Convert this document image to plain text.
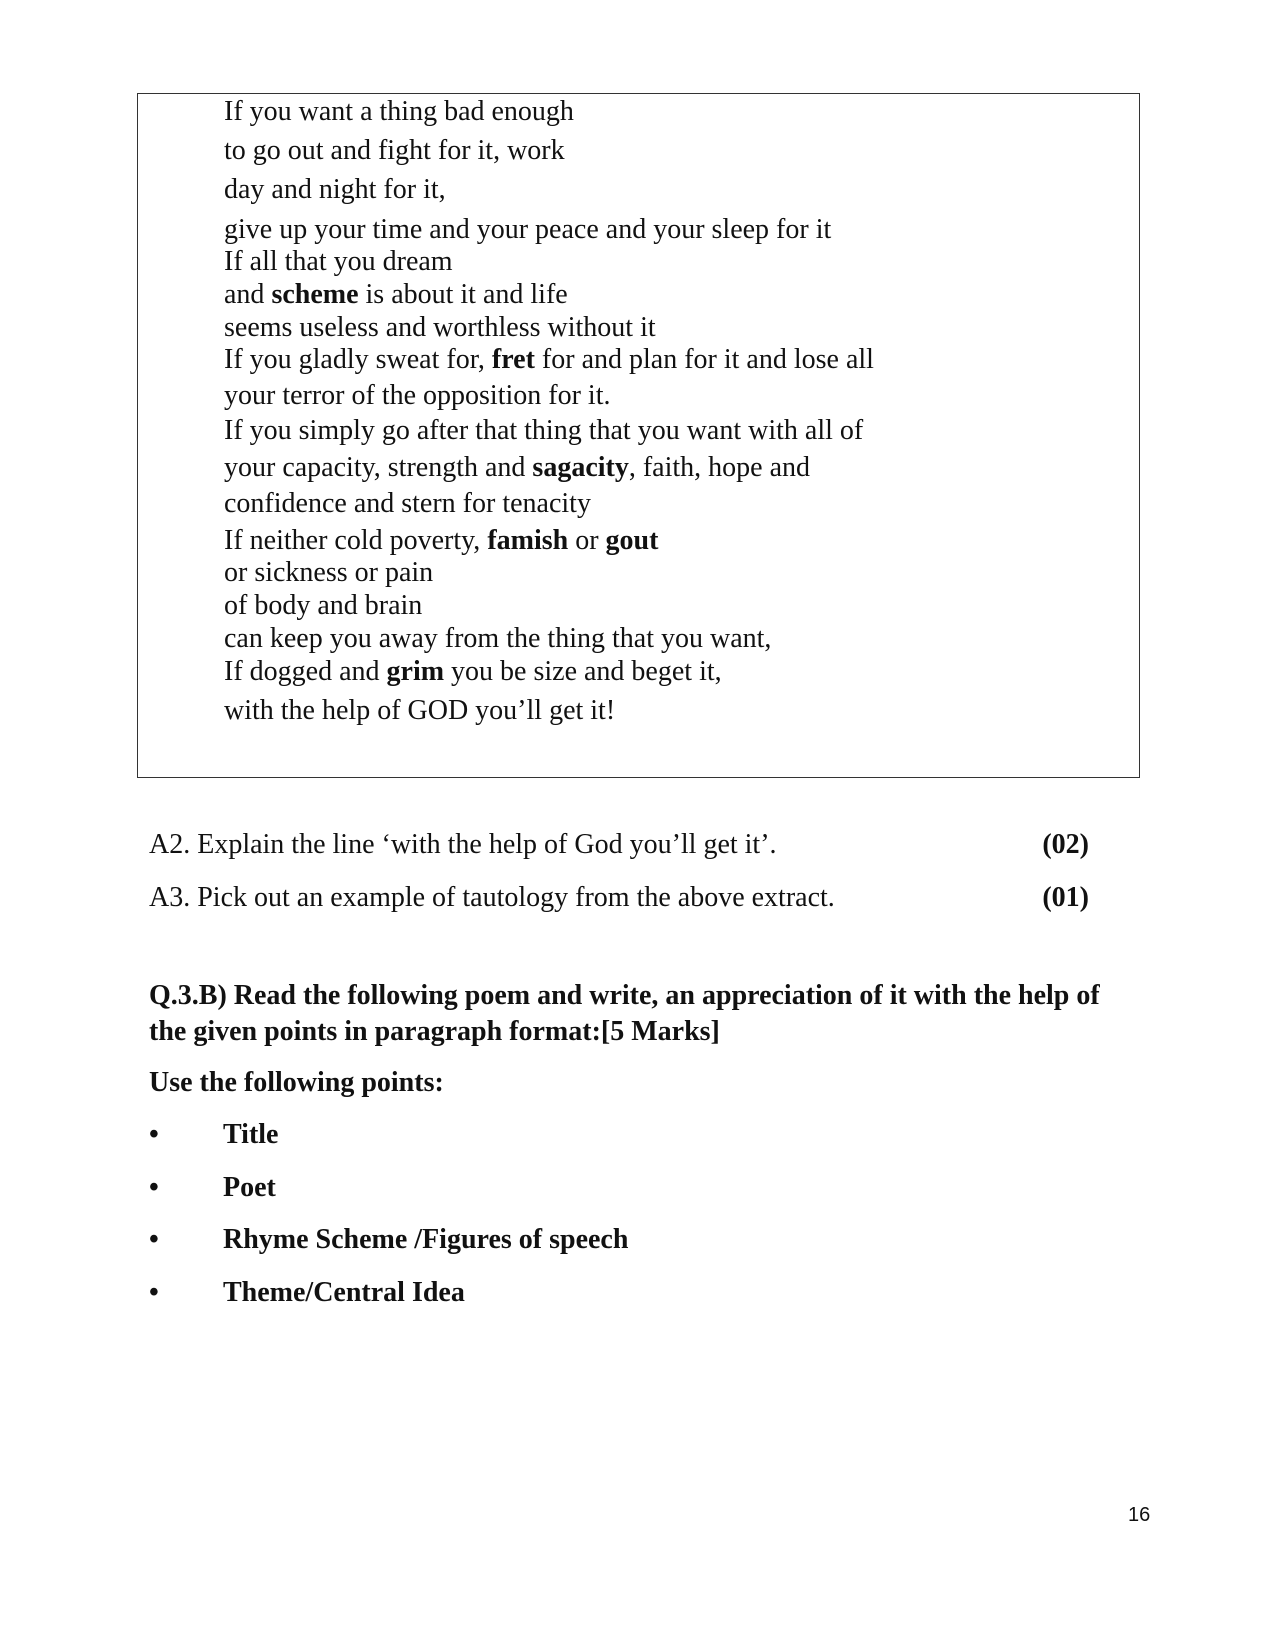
If you want a thing bad enough
to go out and fight for it, work
day and night for it,
give up your time and your peace and your sleep for it
If all that you dream
and scheme is about it and life
seems useless and worthless without it
If you gladly sweat for, fret for and plan for it and lose all
your terror of the opposition for it.
If you simply go after that thing that you want with all of
your capacity, strength and sagacity, faith, hope and
confidence and stern for tenacity
If neither cold poverty, famish or gout
or sickness or pain
of body and brain
can keep you away from the thing that you want,
If dogged and grim you be size and beget it,
with the help of GOD you’ll get it!
A2. Explain the line ‘with the help of God you’ll get it’.	(02)
A3. Pick out an example of tautology from the above extract.	(01)
Q.3.B) Read the following poem and write, an appreciation of it with the help of the given points in paragraph format:[5 Marks]
Use the following points:
• Title
• Poet
• Rhyme Scheme /Figures of speech
• Theme/Central Idea
16
